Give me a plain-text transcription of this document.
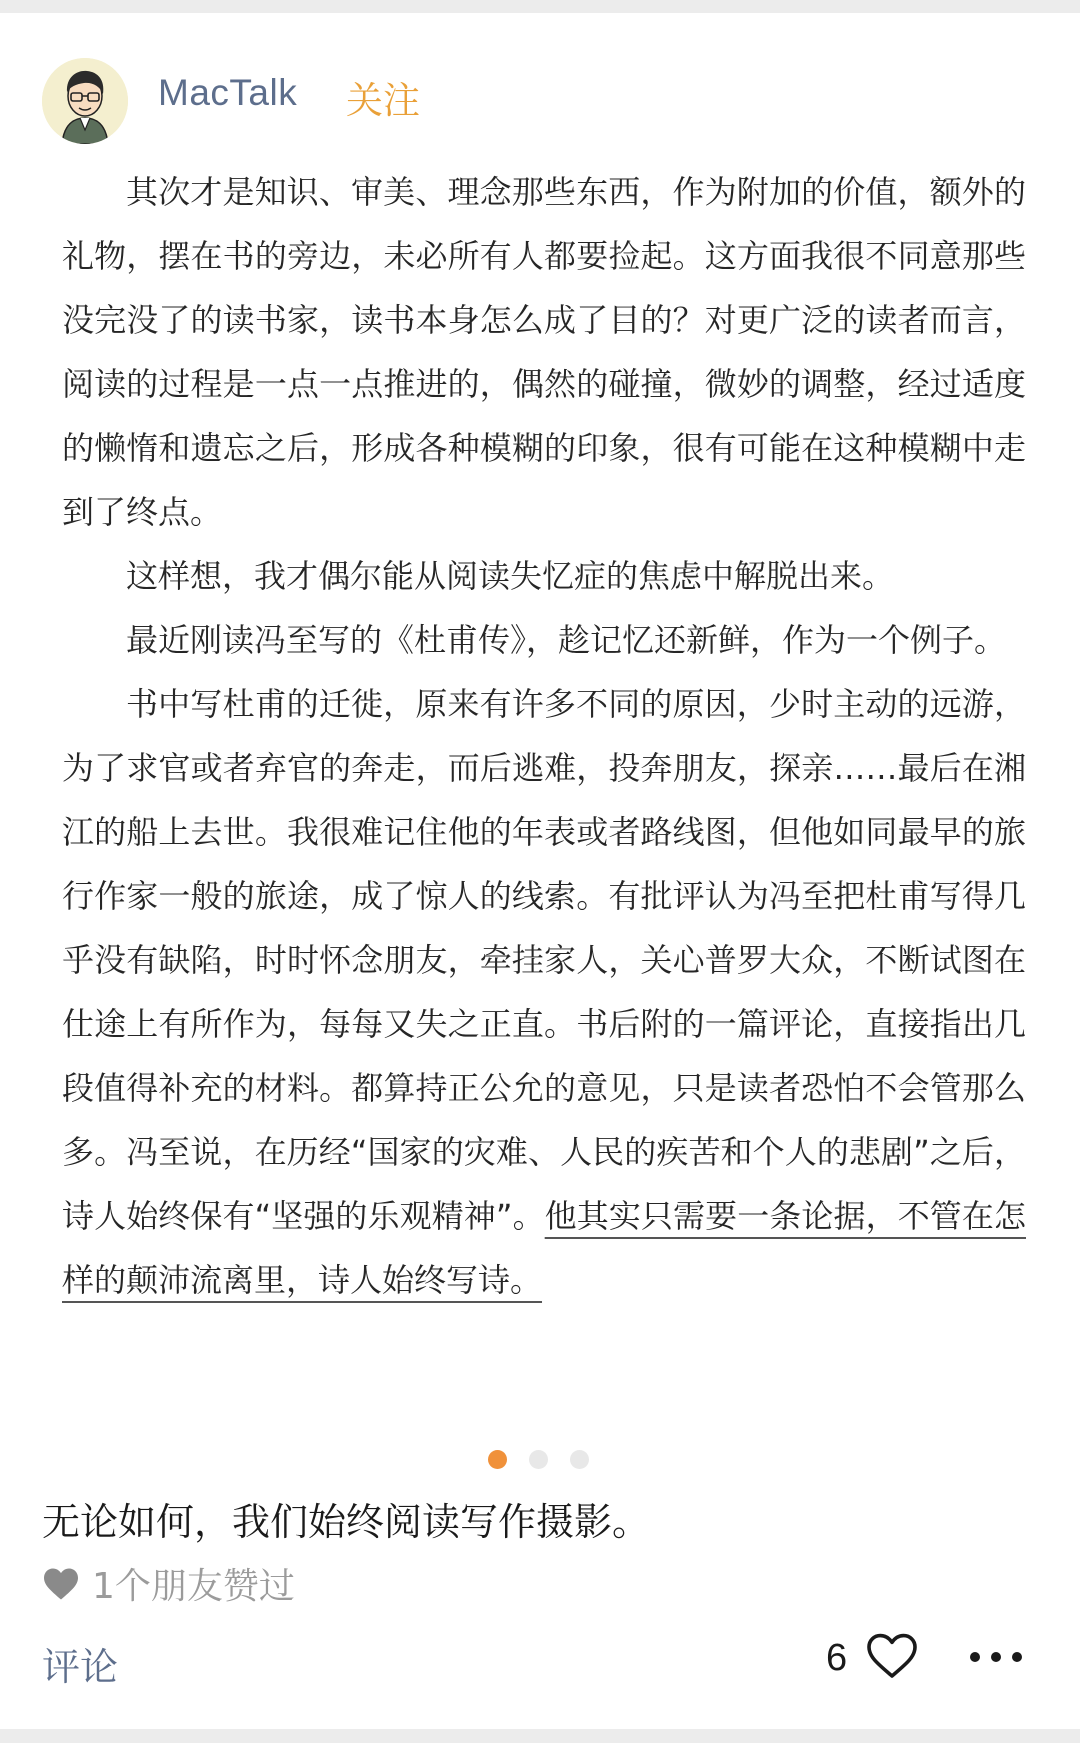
MacTalk 关注

其次才是知识、审美、理念那些东西，作为附加的价值，额外的礼物，摆在书的旁边，未必所有人都要捡起。这方面我很不同意那些没完没了的读书家，读书本身怎么成了目的？对更广泛的读者而言，阅读的过程是一点一点推进的，偶然的碰撞，微妙的调整，经过适度的懒惰和遗忘之后，形成各种模糊的印象，很有可能在这种模糊中走到了终点。

这样想，我才偶尔能从阅读失忆症的焦虑中解脱出来。

最近刚读冯至写的《杜甫传》，趁记忆还新鲜，作为一个例子。

书中写杜甫的迁徙，原来有许多不同的原因，少时主动的远游，为了求官或者弃官的奔走，而后逃难，投奔朋友，探亲……最后在湘江的船上去世。我很难记住他的年表或者路线图，但他如同最早的旅行作家一般的旅途，成了惊人的线索。有批评认为冯至把杜甫写得几乎没有缺陷，时时怀念朋友，牵挂家人，关心普罗大众，不断试图在仕途上有所作为，每每又失之正直。书后附的一篇评论，直接指出几段值得补充的材料。都算持正公允的意见，只是读者恐怕不会管那么多。冯至说，在历经“国家的灾难、人民的疾苦和个人的悲剧”之后，诗人始终保有“坚强的乐观精神”。他其实只需要一条论据，不管在怎样的颠沛流离里，诗人始终写诗。

无论如何，我们始终阅读写作摄影。
1个朋友赞过
评论	6
